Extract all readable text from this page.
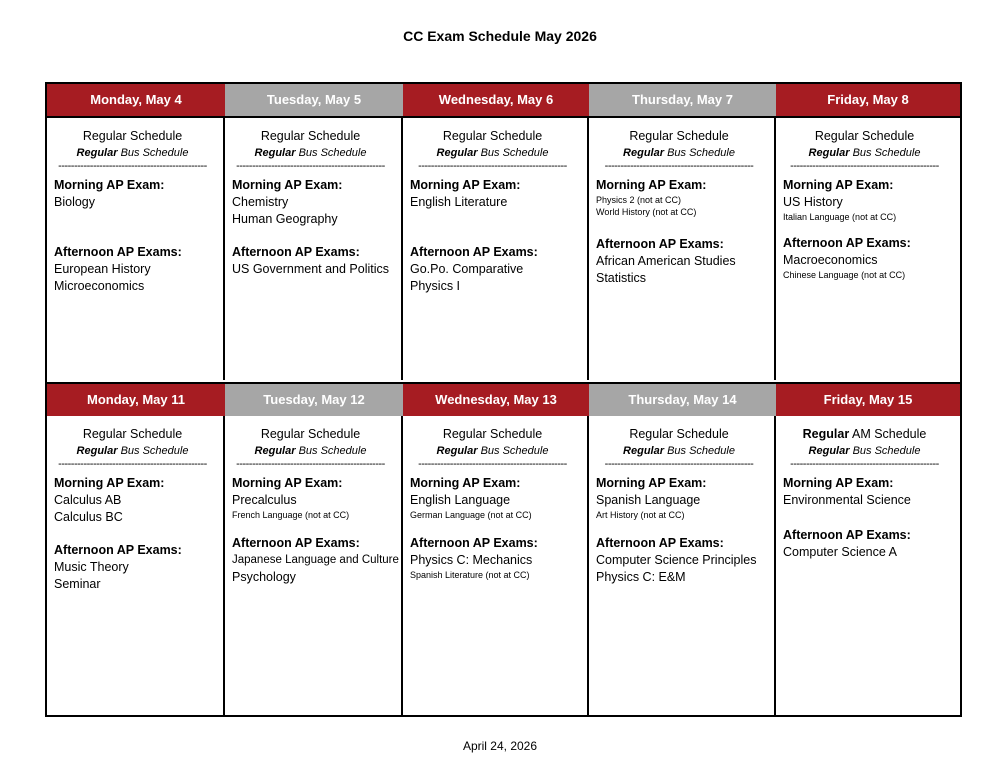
CC Exam Schedule May 2026
Monday, May 4	Tuesday, May 5	Wednesday, May 6	Thursday, May 7	Friday, May 8
Regular Schedule
Regular Bus Schedule
-----------------------------------------------
Morning AP Exam:
Biology
Afternoon AP Exams:
European History
Microeconomics
Regular Schedule
Regular Bus Schedule
-----------------------------------------------
Morning AP Exam:
Chemistry
Human Geography
Afternoon AP Exams:
US Government and Politics
Regular Schedule
Regular Bus Schedule
-----------------------------------------------
Morning AP Exam:
English Literature
Afternoon AP Exams:
Go.Po. Comparative
Physics I
Regular Schedule
Regular Bus Schedule
-----------------------------------------------
Morning AP Exam:
Physics 2 (not at CC)
World History (not at CC)
Afternoon AP Exams:
African American Studies
Statistics
Regular Schedule
Regular Bus Schedule
-----------------------------------------------
Morning AP Exam:
US History
Italian Language (not at CC)
Afternoon AP Exams:
Macroeconomics
Chinese Language (not at CC)
Monday, May 11	Tuesday, May 12	Wednesday, May 13	Thursday, May 14	Friday, May 15
Regular Schedule
Regular Bus Schedule
-----------------------------------------------
Morning AP Exam:
Calculus AB
Calculus BC
Afternoon AP Exams:
Music Theory
Seminar
Regular Schedule
Regular Bus Schedule
-----------------------------------------------
Morning AP Exam:
Precalculus
French Language (not at CC)
Afternoon AP Exams:
Japanese Language and Culture
Psychology
Regular Schedule
Regular Bus Schedule
-----------------------------------------------
Morning AP Exam:
English Language
German Language (not at CC)
Afternoon AP Exams:
Physics C: Mechanics
Spanish Literature (not at CC)
Regular Schedule
Regular Bus Schedule
-----------------------------------------------
Morning AP Exam:
Spanish Language
Art History (not at CC)
Afternoon AP Exams:
Computer Science Principles
Physics C: E&M
Regular AM Schedule
Regular Bus Schedule
-----------------------------------------------
Morning AP Exam:
Environmental Science
Afternoon AP Exams:
Computer Science A
April 24, 2026
